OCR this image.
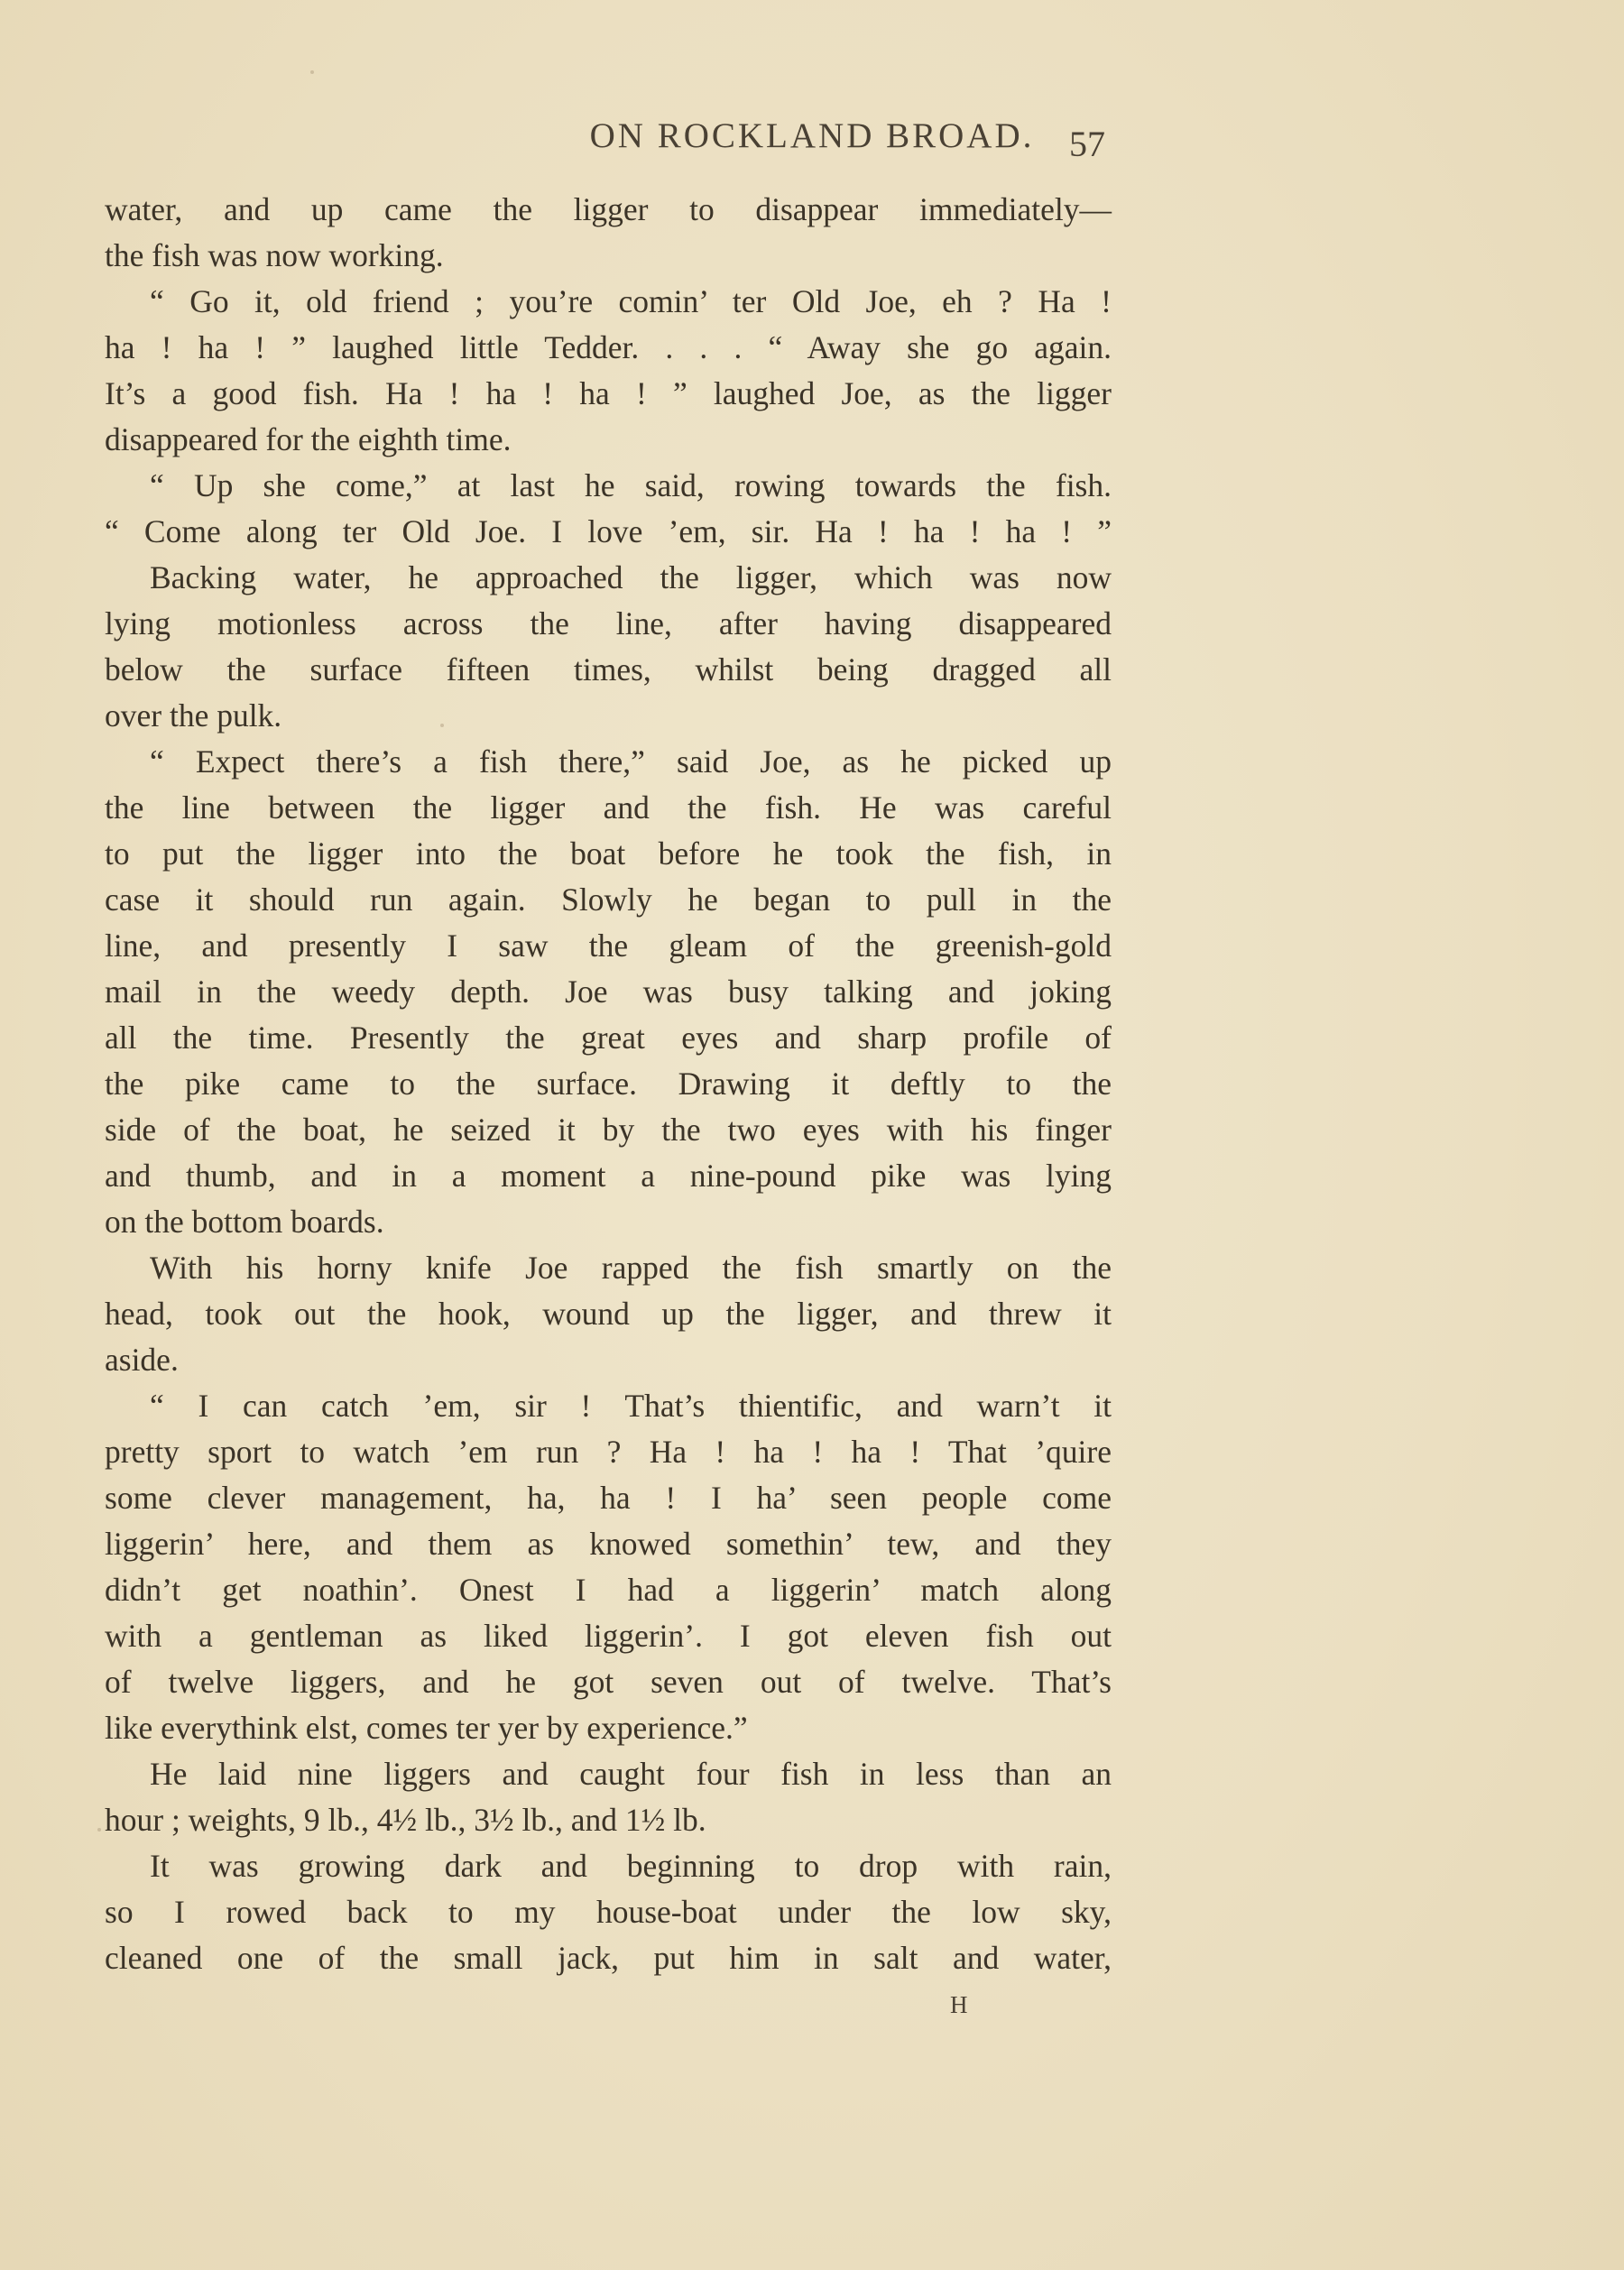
ON ROCKLAND BROAD. 57
water, and up came the ligger to disappear immediately—
the fish was now working.
“ Go it, old friend ; you’re comin’ ter Old Joe, eh ? Ha !
ha ! ha ! ” laughed little Tedder. . . . “ Away she go again.
It’s a good fish. Ha ! ha ! ha ! ” laughed Joe, as the ligger
disappeared for the eighth time.
“ Up she come,” at last he said, rowing towards the fish.
“ Come along ter Old Joe. I love ’em, sir. Ha ! ha ! ha ! ”
Backing water, he approached the ligger, which was now
lying motionless across the line, after having disappeared
below the surface fifteen times, whilst being dragged all
over the pulk.
“ Expect there’s a fish there,” said Joe, as he picked up
the line between the ligger and the fish. He was careful
to put the ligger into the boat before he took the fish, in
case it should run again. Slowly he began to pull in the
line, and presently I saw the gleam of the greenish-gold
mail in the weedy depth. Joe was busy talking and joking
all the time. Presently the great eyes and sharp profile of
the pike came to the surface. Drawing it deftly to the
side of the boat, he seized it by the two eyes with his finger
and thumb, and in a moment a nine-pound pike was lying
on the bottom boards.
With his horny knife Joe rapped the fish smartly on the
head, took out the hook, wound up the ligger, and threw it
aside.
“ I can catch ’em, sir ! That’s thientific, and warn’t it
pretty sport to watch ’em run ? Ha ! ha ! ha ! That ’quire
some clever management, ha, ha ! I ha’ seen people come
liggerin’ here, and them as knowed somethin’ tew, and they
didn’t get noathin’. Onest I had a liggerin’ match along
with a gentleman as liked liggerin’. I got eleven fish out
of twelve liggers, and he got seven out of twelve. That’s
like everythink elst, comes ter yer by experience.”
He laid nine liggers and caught four fish in less than an
hour ; weights, 9 lb., 4½ lb., 3½ lb., and 1½ lb.
It was growing dark and beginning to drop with rain,
so I rowed back to my house-boat under the low sky,
cleaned one of the small jack, put him in salt and water,
H
